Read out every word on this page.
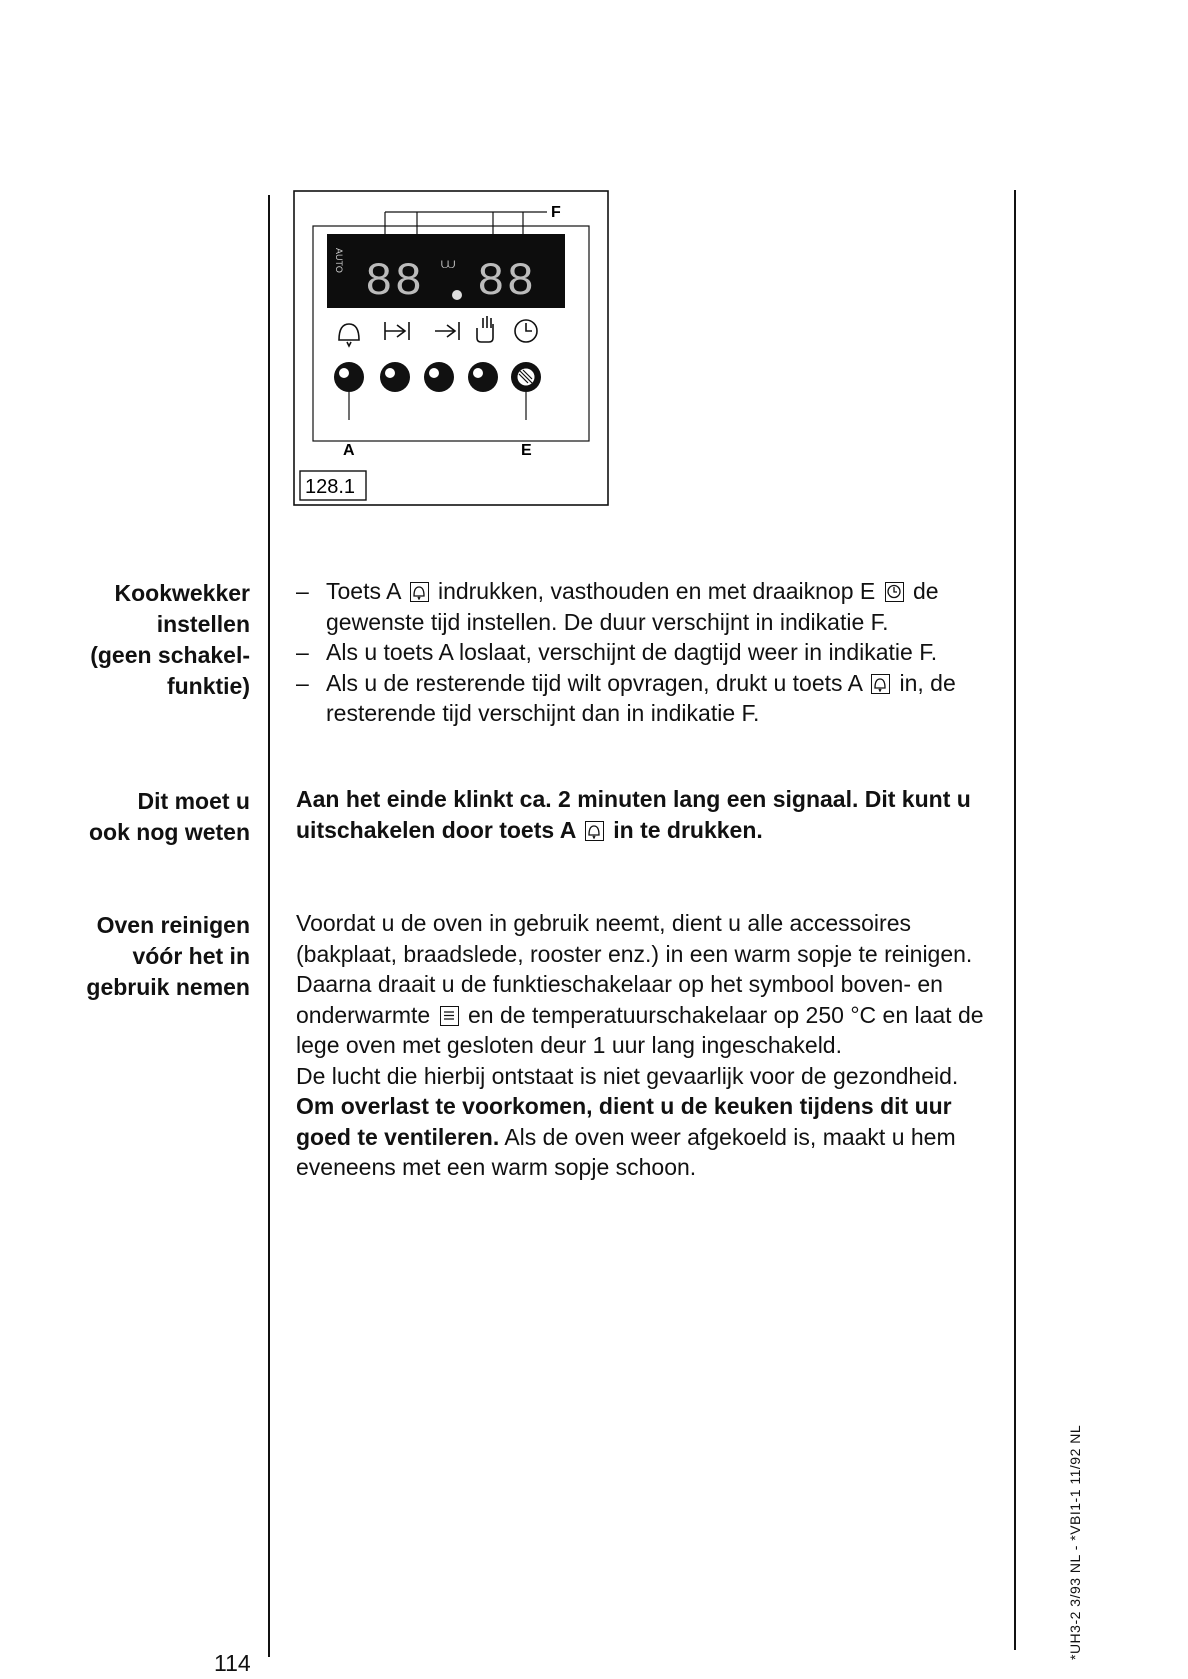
AUTO 88 ⩊ 88
F
A	E
128.1
Kookwekker
instellen
(geen schakel-
funktie)
– Toets A indrukken, vasthouden en met draaiknop E de gewenste tijd instellen. De duur verschijnt in indikatie F.
– Als u toets A loslaat, verschijnt de dagtijd weer in indikatie F.
– Als u de resterende tijd wilt opvragen, drukt u toets A in, de resterende tijd verschijnt dan in indikatie F.
Dit moet u
ook nog weten
Aan het einde klinkt ca. 2 minuten lang een signaal. Dit kunt u uitschakelen door toets A in te drukken.
Oven reinigen
vóór het in
gebruik nemen
Voordat u de oven in gebruik neemt, dient u alle accessoires (bakplaat, braadslede, rooster enz.) in een warm sopje te reinigen. Daarna draait u de funktieschakelaar op het symbool boven- en onderwarmte en de temperatuurschakelaar op 250 °C en laat de lege oven met gesloten deur 1 uur lang ingeschakeld.
De lucht die hierbij ontstaat is niet gevaarlijk voor de gezondheid.
Om overlast te voorkomen, dient u de keuken tijdens dit uur goed te ventileren. Als de oven weer afgekoeld is, maakt u hem eveneens met een warm sopje schoon.
114
*UH3-2 3/93 NL - *VBI1-1 11/92 NL
